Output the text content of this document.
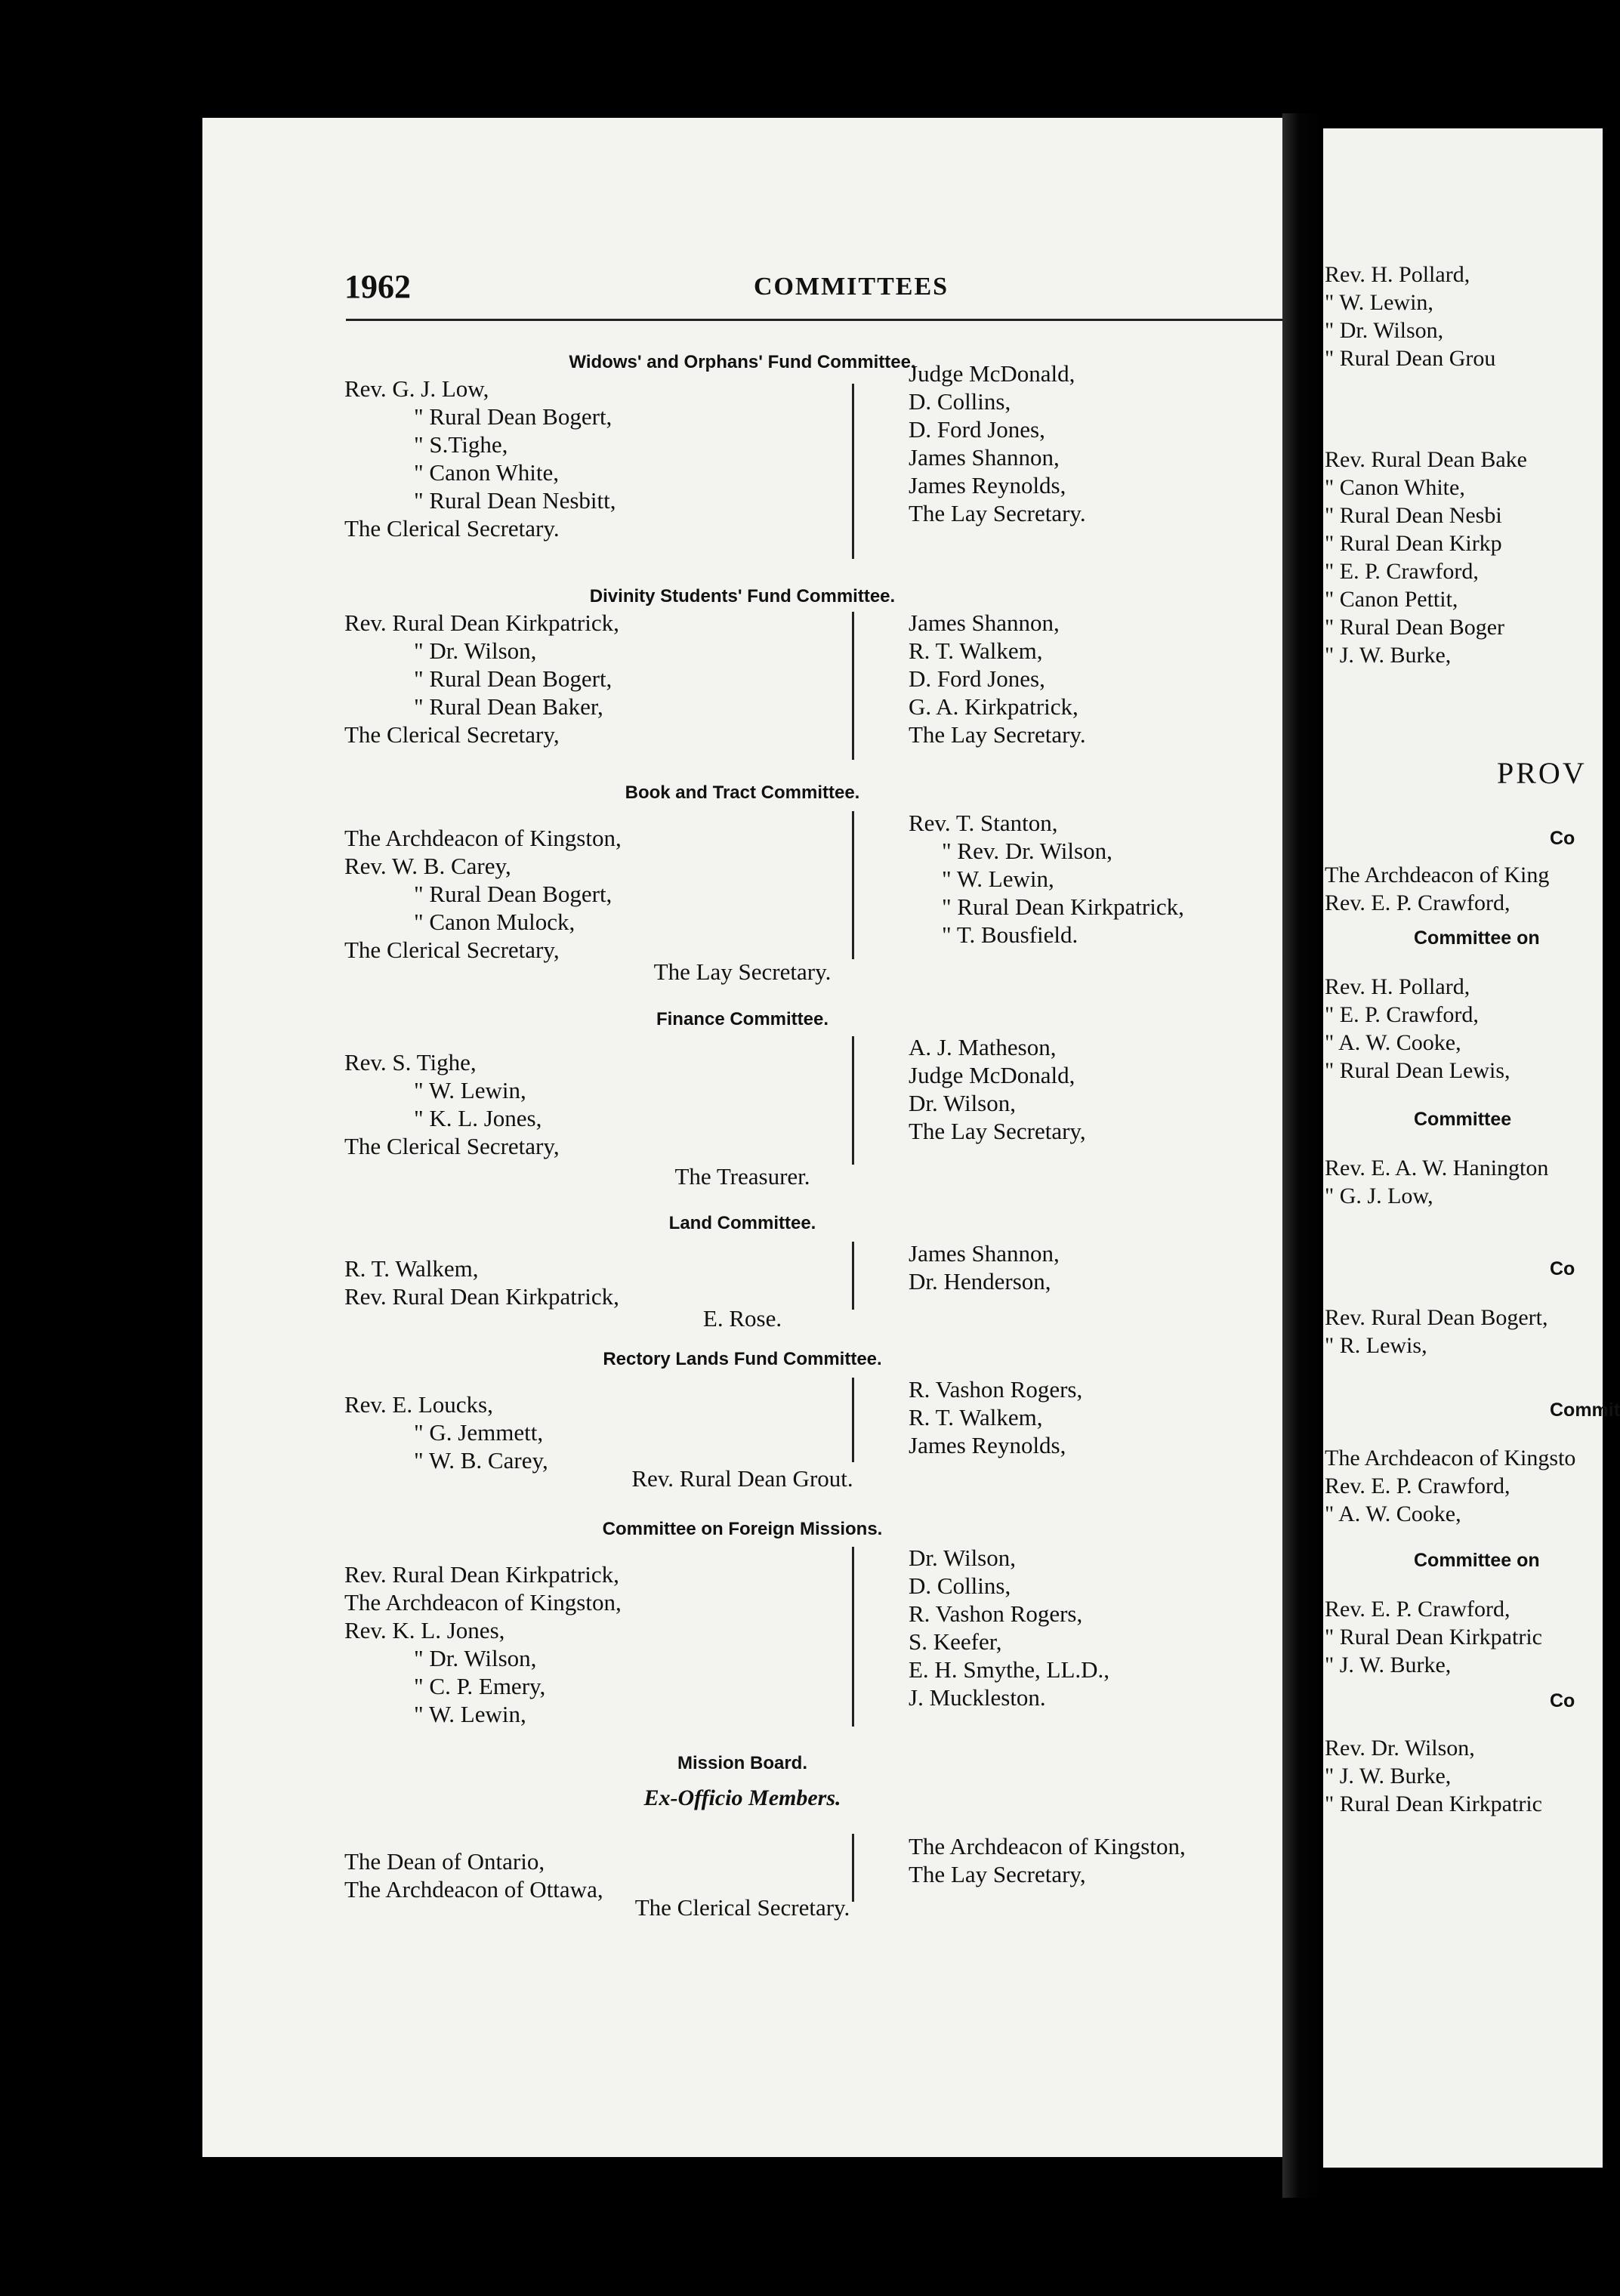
1962	COMMITTEES
Widows' and Orphans' Fund Committee.
Rev. G. J. Low,
" Rural Dean Bogert,
" S.Tighe,
" Canon White,
" Rural Dean Nesbitt,
The Clerical Secretary.
Judge McDonald,
D. Collins,
D. Ford Jones,
James Shannon,
James Reynolds,
The Lay Secretary.
Divinity Students' Fund Committee.
Rev. Rural Dean Kirkpatrick,
" Dr. Wilson,
" Rural Dean Bogert,
" Rural Dean Baker,
The Clerical Secretary,
James Shannon,
R. T. Walkem,
D. Ford Jones,
G. A. Kirkpatrick,
The Lay Secretary.
Book and Tract Committee.
The Archdeacon of Kingston,
Rev. W. B. Carey,
" Rural Dean Bogert,
" Canon Mulock,
The Clerical Secretary,
Rev. T. Stanton,
" Rev. Dr. Wilson,
" W. Lewin,
" Rural Dean Kirkpatrick,
" T. Bousfield.
The Lay Secretary.
Finance Committee.
Rev. S. Tighe,
" W. Lewin,
" K. L. Jones,
The Clerical Secretary,
A. J. Matheson,
Judge McDonald,
Dr. Wilson,
The Lay Secretary,
The Treasurer.
Land Committee.
R. T. Walkem,
Rev. Rural Dean Kirkpatrick,
James Shannon,
Dr. Henderson,
E. Rose.
Rectory Lands Fund Committee.
Rev. E. Loucks,
" G. Jemmett,
" W. B. Carey,
R. Vashon Rogers,
R. T. Walkem,
James Reynolds,
Rev. Rural Dean Grout.
Committee on Foreign Missions.
Rev. Rural Dean Kirkpatrick,
The Archdeacon of Kingston,
Rev. K. L. Jones,
" Dr. Wilson,
" C. P. Emery,
" W. Lewin,
Dr. Wilson,
D. Collins,
R. Vashon Rogers,
S. Keefer,
E. H. Smythe, LL.D.,
J. Muckleston.
Mission Board.
Ex-Officio Members.
The Dean of Ontario,
The Archdeacon of Ottawa,
The Archdeacon of Kingston,
The Lay Secretary,
The Clerical Secretary.
Rev. H. Pollard,
" W. Lewin,
" Dr. Wilson,
" Rural Dean Grou
Rev. Rural Dean Bake
" Canon White,
" Rural Dean Nesbi
" Rural Dean Kirkp
" E. P. Crawford,
" Canon Pettit,
" Rural Dean Boger
" J. W. Burke,
PROV
Co
The Archdeacon of King
Rev. E. P. Crawford,
Committee on
Rev. H. Pollard,
" E. P. Crawford,
" A. W. Cooke,
" Rural Dean Lewis,
Committee
Rev. E. A. W. Hanington
" G. J. Low,
Co
Rev. Rural Dean Bogert,
" R. Lewis,
Commit
The Archdeacon of Kingsto
Rev. E. P. Crawford,
" A. W. Cooke,
Committee on
Rev. E. P. Crawford,
" Rural Dean Kirkpatric
" J. W. Burke,
Co
Rev. Dr. Wilson,
" J. W. Burke,
" Rural Dean Kirkpatric
